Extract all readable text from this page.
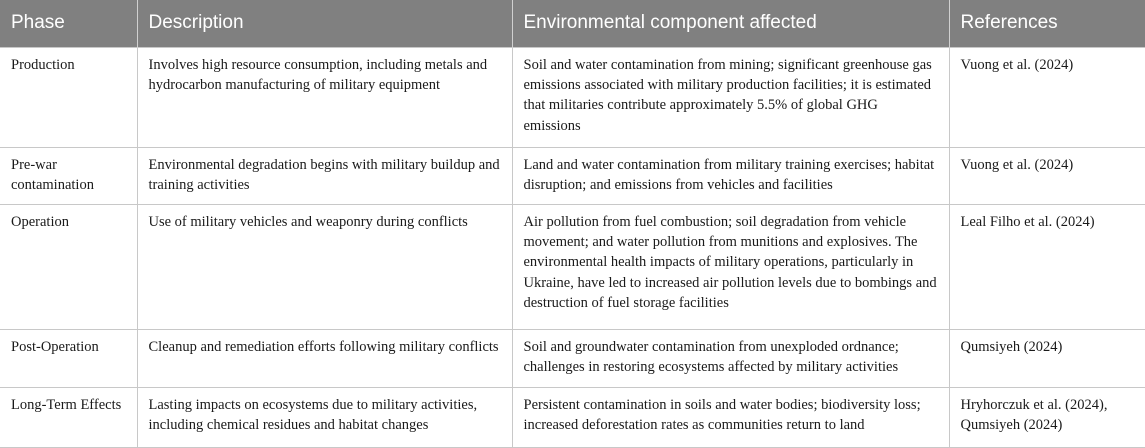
Phase	Description	Environmental component affected	References
Production	Involves high resource consumption, including metals and hydrocarbon manufacturing of military equipment	Soil and water contamination from mining; significant greenhouse gas emissions associated with military production facilities; it is estimated that militaries contribute approximately 5.5% of global GHG emissions	Vuong et al. (2024)
Pre-war contamination	Environmental degradation begins with military buildup and training activities	Land and water contamination from military training exercises; habitat disruption; and emissions from vehicles and facilities	Vuong et al. (2024)
Operation	Use of military vehicles and weaponry during conflicts	Air pollution from fuel combustion; soil degradation from vehicle movement; and water pollution from munitions and explosives. The environmental health impacts of military operations, particularly in Ukraine, have led to increased air pollution levels due to bombings and destruction of fuel storage facilities	Leal Filho et al. (2024)
Post-Operation	Cleanup and remediation efforts following military conflicts	Soil and groundwater contamination from unexploded ordnance; challenges in restoring ecosystems affected by military activities	Qumsiyeh (2024)
Long-Term Effects	Lasting impacts on ecosystems due to military activities, including chemical residues and habitat changes	Persistent contamination in soils and water bodies; biodiversity loss; increased deforestation rates as communities return to land	Hryhorczuk et al. (2024), Qumsiyeh (2024)
